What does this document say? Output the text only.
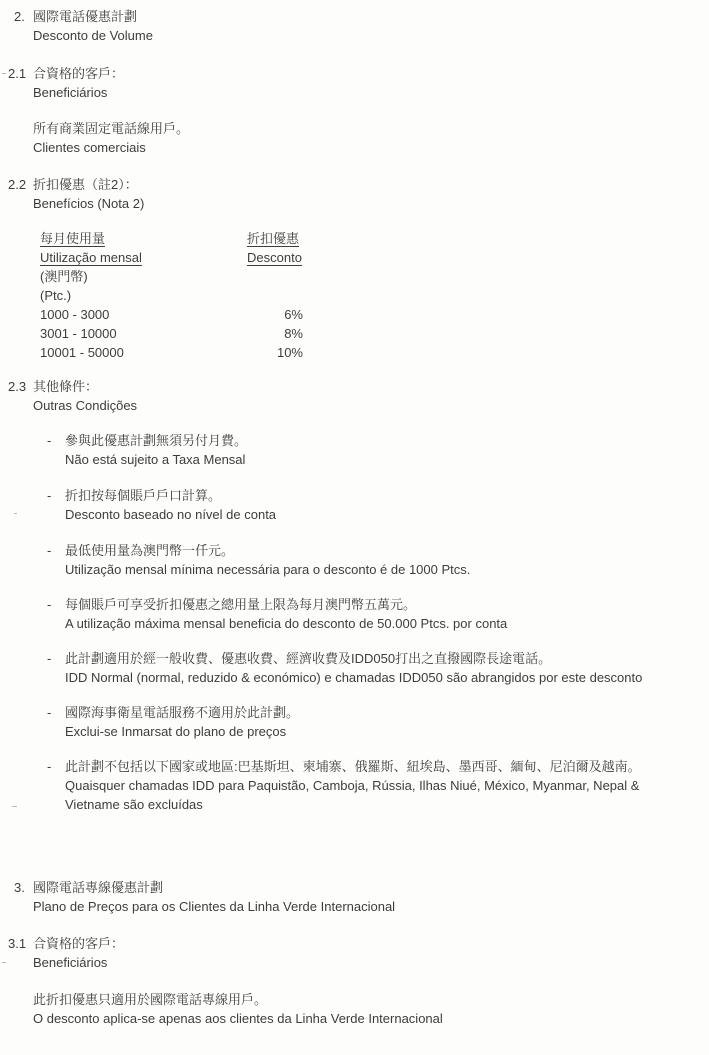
2. 國際電話優惠計劃
Desconto de Volume
2.1 合資格的客戶：
Beneficiários
所有商業固定電話線用戶。
Clientes comerciais
2.2 折扣優惠（註2）：
Benefícios (Nota 2)
每月使用量	折扣優惠
Utilização mensal	Desconto
(澳門幣)
(Ptc.)
1000 - 3000	6%
3001 - 10000	8%
10001 - 50000	10%
2.3 其他條件：
Outras Condições
-	參與此優惠計劃無須另付月費。
Não está sujeito a Taxa Mensal
-	折扣按每個賬戶戶口計算。
Desconto baseado no nível de conta
-	最低使用量為澳門幣一仟元。
Utilização mensal mínima necessária para o desconto é de 1000 Ptcs.
-	每個賬戶可享受折扣優惠之總用量上限為每月澳門幣五萬元。
A utilização máxima mensal beneficia do desconto de 50.000 Ptcs. por conta
-	此計劃適用於經一般收費、優惠收費、經濟收費及IDD050打出之直撥國際長途電話。
IDD Normal (normal, reduzido & económico) e chamadas IDD050 são abrangidos por este desconto
-	國際海事衛星電話服務不適用於此計劃。
Exclui-se Inmarsat do plano de preços
-	此計劃不包括以下國家或地區:巴基斯坦、柬埔寨、俄羅斯、紐埃島、墨西哥、緬甸、尼泊爾及越南。
Quaisquer chamadas IDD para Paquistão, Camboja, Rússia, Ilhas Niué, México, Myanmar, Nepal & Vietname são excluídas
3. 國際電話專線優惠計劃
Plano de Preços para os Clientes da Linha Verde Internacional
3.1 合資格的客戶：
Beneficiários
此折扣優惠只適用於國際電話專線用戶。
O desconto aplica-se apenas aos clientes da Linha Verde Internacional
